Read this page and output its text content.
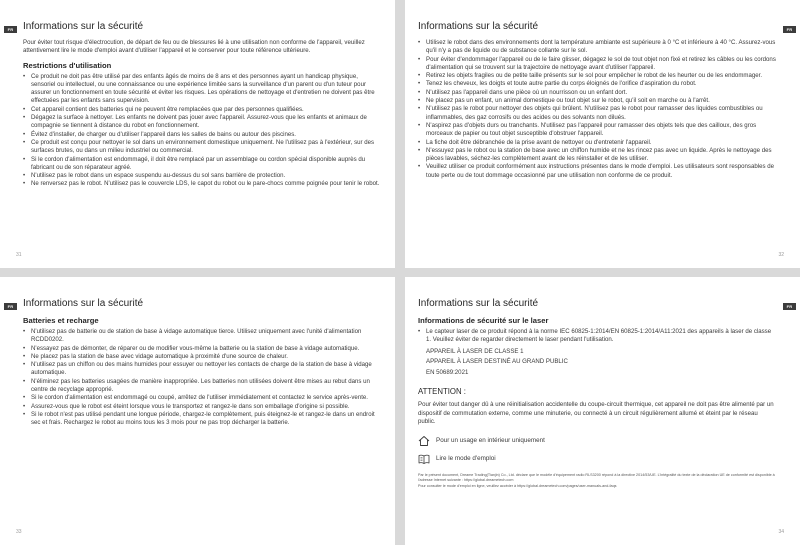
FR Informations sur la sécurité

Pour éviter tout risque d'électrocution, de départ de feu ou de blessures lié à une utilisation non conforme de l'appareil, veuillez attentivement lire le mode d'emploi avant d'utiliser l'appareil et le conserver pour toute référence ultérieure.

Restrictions d'utilisation
• Ce produit ne doit pas être utilisé par des enfants âgés de moins de 8 ans et des personnes ayant un handicap physique, sensoriel ou intellectuel, ou une connaissance ou une expérience limitée sans la surveillance d'un parent ou d'un tuteur pour assurer un fonctionnement en toute sécurité et éviter les risques. Les opérations de nettoyage et d'entretien ne doivent pas être effectuées par les enfants sans supervision.
• Cet appareil contient des batteries qui ne peuvent être remplacées que par des personnes qualifiées.
• Dégagez la surface à nettoyer. Les enfants ne doivent pas jouer avec l'appareil. Assurez-vous que les enfants et animaux de compagnie se tiennent à distance du robot en fonctionnement.
• Évitez d'installer, de charger ou d'utiliser l'appareil dans les salles de bains ou autour des piscines.
• Ce produit est conçu pour nettoyer le sol dans un environnement domestique uniquement. Ne l'utilisez pas à l'extérieur, sur des surfaces brutes, ou dans un milieu industriel ou commercial.
• Si le cordon d'alimentation est endommagé, il doit être remplacé par un assemblage ou cordon spécial disponible auprès du fabricant ou de son réparateur agréé.
• N'utilisez pas le robot dans un espace suspendu au-dessus du sol sans barrière de protection.
• Ne renversez pas le robot. N'utilisez pas le couvercle LDS, le capot du robot ou le pare-chocs comme poignée pour tenir le robot.
31
FR
Informations sur la sécurité
• Utilisez le robot dans des environnements dont la température ambiante est supérieure à 0 °C et inférieure à 40 °C. Assurez-vous qu'il n'y a pas de liquide ou de substance collante sur le sol.
• Pour éviter d'endommager l'appareil ou de le faire glisser, dégagez le sol de tout objet non fixé et retirez les câbles ou les cordons d'alimentation qui se trouvent sur la trajectoire de nettoyage avant d'utiliser l'appareil.
• Retirez les objets fragiles ou de petite taille présents sur le sol pour empêcher le robot de les heurter ou de les endommager.
• Tenez les cheveux, les doigts et toute autre partie du corps éloignés de l'orifice d'aspiration du robot.
• N'utilisez pas l'appareil dans une pièce où un nourrisson ou un enfant dort.
• Ne placez pas un enfant, un animal domestique ou tout objet sur le robot, qu'il soit en marche ou à l'arrêt.
• N'utilisez pas le robot pour nettoyer des objets qui brûlent. N'utilisez pas le robot pour ramasser des liquides combustibles ou inflammables, des gaz corrosifs ou des acides ou des solvants non dilués.
• N'aspirez pas d'objets durs ou tranchants. N'utilisez pas l'appareil pour ramasser des objets tels que des cailloux, des gros morceaux de papier ou tout objet susceptible d'obstruer l'appareil.
• La fiche doit être débranchée de la prise avant de nettoyer ou d'entretenir l'appareil.
• N'essuyez pas le robot ou la station de base avec un chiffon humide et ne les rincez pas avec un liquide. Après le nettoyage des pièces lavables, séchez-les complètement avant de les réinstaller et de les utiliser.
• Veuillez utiliser ce produit conformément aux instructions présentes dans le mode d'emploi. Les utilisateurs sont responsables de toute perte ou de tout dommage occasionné par une utilisation non conforme de ce produit.
32
FR Informations sur la sécurité
Batteries et recharge
• N'utilisez pas de batterie ou de station de base à vidage automatique tierce. Utilisez uniquement avec l'unité d'alimentation RCDD0202.
• N'essayez pas de démonter, de réparer ou de modifier vous-même la batterie ou la station de base à vidage automatique.
• Ne placez pas la station de base avec vidage automatique à proximité d'une source de chaleur.
• N'utilisez pas un chiffon ou des mains humides pour essuyer ou nettoyer les contacts de charge de la station de base à vidage automatique.
• N'éliminez pas les batteries usagées de manière inappropriée. Les batteries non utilisées doivent être mises au rebut dans un centre de recyclage approprié.
• Si le cordon d'alimentation est endommagé ou coupé, arrêtez de l'utiliser immédiatement et contactez le service après-vente.
• Assurez-vous que le robot est éteint lorsque vous le transportez et rangez-le dans son emballage d'origine si possible.
• Si le robot n'est pas utilisé pendant une longue période, chargez-le complètement, puis éteignez-le et rangez-le dans un endroit sec et frais. Rechargez le robot au moins tous les 3 mois pour ne pas trop décharger la batterie.
33
FR
Informations sur la sécurité
Informations de sécurité sur le laser
• Le capteur laser de ce produit répond à la norme IEC 60825-1:2014/EN 60825-1:2014/A11:2021 des appareils à laser de classe 1. Veuillez éviter de regarder directement le laser pendant l'utilisation.
APPAREIL À LASER DE CLASSE 1
APPAREIL À LASER DESTINÉ AU GRAND PUBLIC
EN 50689:2021
ATTENTION :

Pour éviter tout danger dû à une réinitialisation accidentelle du coupe-circuit thermique, cet appareil ne doit pas être alimenté par un dispositif de commutation externe, comme une minuterie, ou connecté à un circuit régulièrement allumé et éteint par le réseau public.

Pour un usage en intérieur uniquement
Lire le mode d'emploi
Par le présent document, Dreame Trading(Tianjin) Co., Ltd. déclare que le modèle d'équipement radio RLS3200 répond à la directive 2014/53/UE. L'intégralité du texte de la déclaration UE de conformité est disponible à l'adresse Internet suivante : https://global.dreametech.com
Pour consulter le mode d'emploi en ligne, veuillez accéder à https://global.dreametech.com/pages/user-manuals-and-faqs
34
